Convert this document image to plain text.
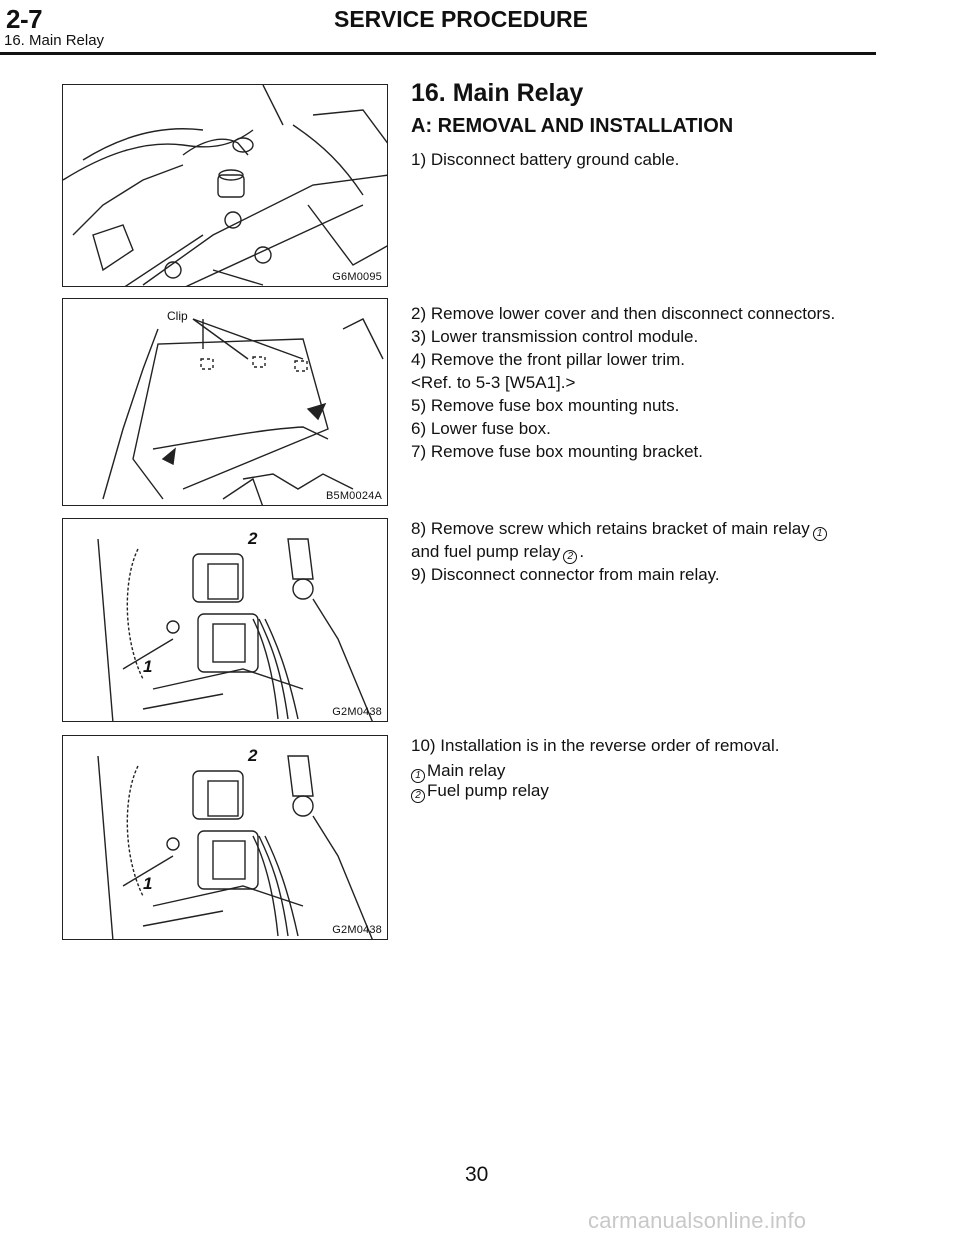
2-7	SERVICE PROCEDURE
16. Main Relay
G6M0095
Clip
B5M0024A
2
1
G2M0438
2
1
G2M0438
16. Main Relay
A: REMOVAL AND INSTALLATION
1) Disconnect battery ground cable.
2) Remove lower cover and then disconnect connectors.
3) Lower transmission control module.
4) Remove the front pillar lower trim.
<Ref. to 5-3 [W5A1].>
5) Remove fuse box mounting nuts.
6) Lower fuse box.
7) Remove fuse box mounting bracket.
8) Remove screw which retains bracket of main relay 1
and fuel pump relay 2 .
9) Disconnect connector from main relay.
10) Installation is in the reverse order of removal.
1 Main relay
2 Fuel pump relay
30
carmanualsonline.info
